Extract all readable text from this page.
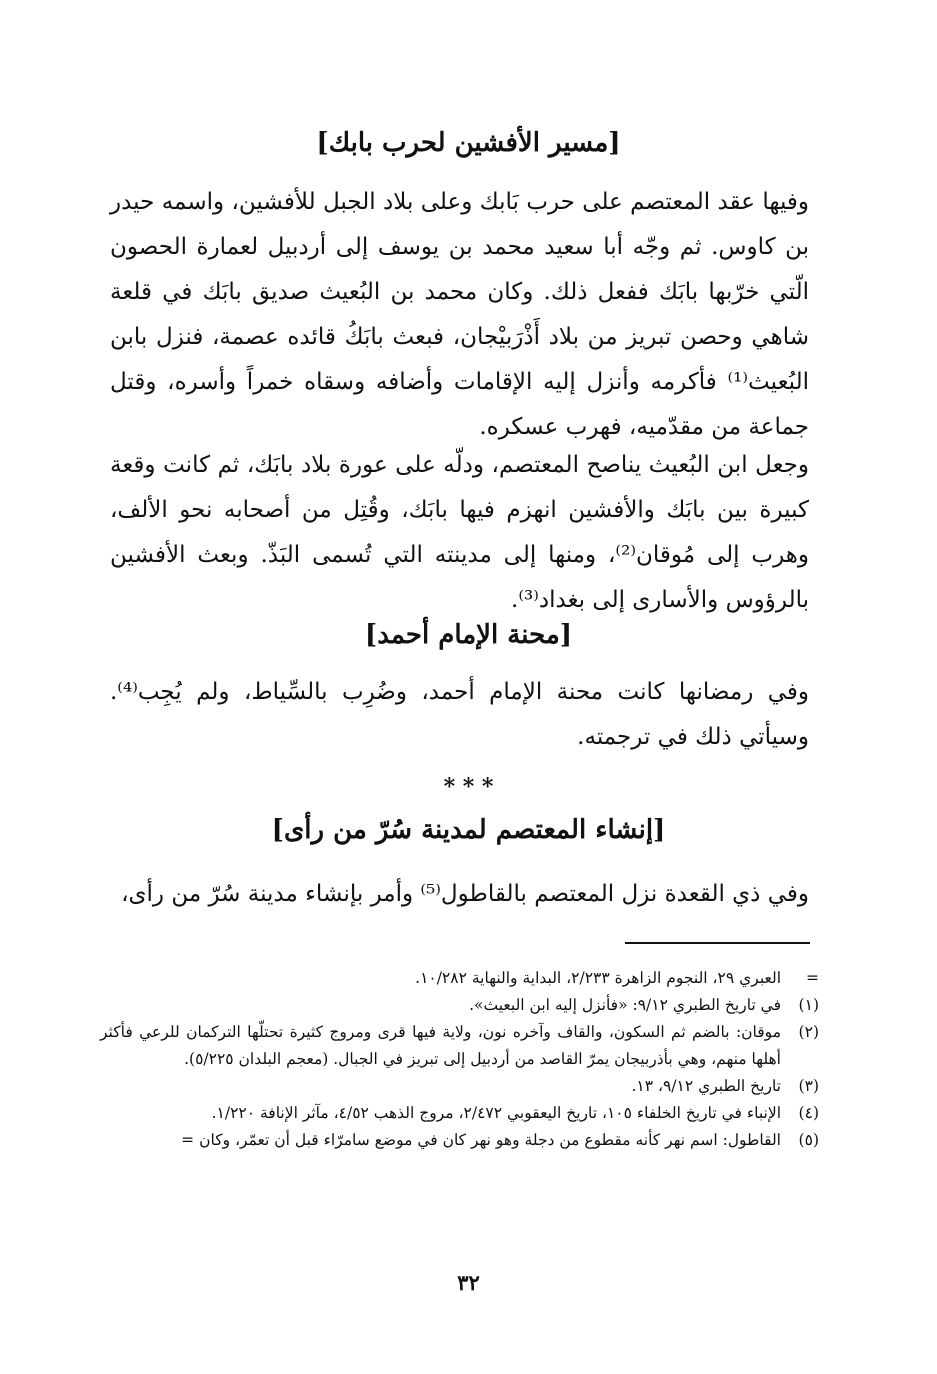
[مسير الأفشين لحرب بابك]
وفيها عقد المعتصم على حرب بَابك وعلى بلاد الجبل للأفشين، واسمه حيدر بن كاوس. ثم وجّه أبا سعيد محمد بن يوسف إلى أردبيل لعمارة الحصون الّتي خرّبها بابَك ففعل ذلك. وكان محمد بن البُعيث صديق بابَك في قلعة شاهي وحصن تبريز من بلاد أَذْرَبيْجان، فبعث بابَكُ قائده عصمة، فنزل بابن البُعيث⁽¹⁾ فأكرمه وأنزل إليه الإقامات وأضافه وسقاه خمراً وأسره، وقتل جماعة من مقدّميه، فهرب عسكره.
وجعل ابن البُعيث يناصح المعتصم، ودلّه على عورة بلاد بابَك، ثم كانت وقعة كبيرة بين بابَك والأفشين انهزم فيها بابَك، وقُتِل من أصحابه نحو الألف، وهرب إلى مُوقان⁽²⁾، ومنها إلى مدينته التي تُسمى البَذّ. وبعث الأفشين بالرؤوس والأسارى إلى بغداد⁽³⁾.
[محنة الإمام أحمد]
وفي رمضانها كانت محنة الإمام أحمد، وضُرِب بالسِّياط، ولم يُجِب⁽⁴⁾. وسيأتي ذلك في ترجمته.
* * *
[إنشاء المعتصم لمدينة سُرّ من رأى]
وفي ذي القعدة نزل المعتصم بالقاطول⁽⁵⁾ وأمر بإنشاء مدينة سُرّ من رأى،
=
العبري ٢٩، النجوم الزاهرة ٢/٢٣٣، البداية والنهاية ١٠/٢٨٢.
(١)
في تاريخ الطبري ٩/١٢: «فأنزل إليه ابن البعيث».
(٢)
موقان: بالضم ثم السكون، والقاف وآخره نون، ولاية فيها قرى ومروج كثيرة تحتلّها التركمان للرعي فأكثر أهلها منهم، وهي بأذربيجان يمرّ القاصد من أردبيل إلى تبريز في الجبال. (معجم البلدان ٥/٢٢٥).
(٣)
تاريخ الطبري ٩/١٢، ١٣.
(٤)
الإنباء في تاريخ الخلفاء ١٠٥، تاريخ اليعقوبي ٢/٤٧٢، مروج الذهب ٤/٥٢، مآثر الإنافة ١/٢٢٠.
(٥)
القاطول: اسم نهر كأنه مقطوع من دجلة وهو نهر كان في موضع سامرّاء قبل أن تعمّر، وكان =
٣٢
